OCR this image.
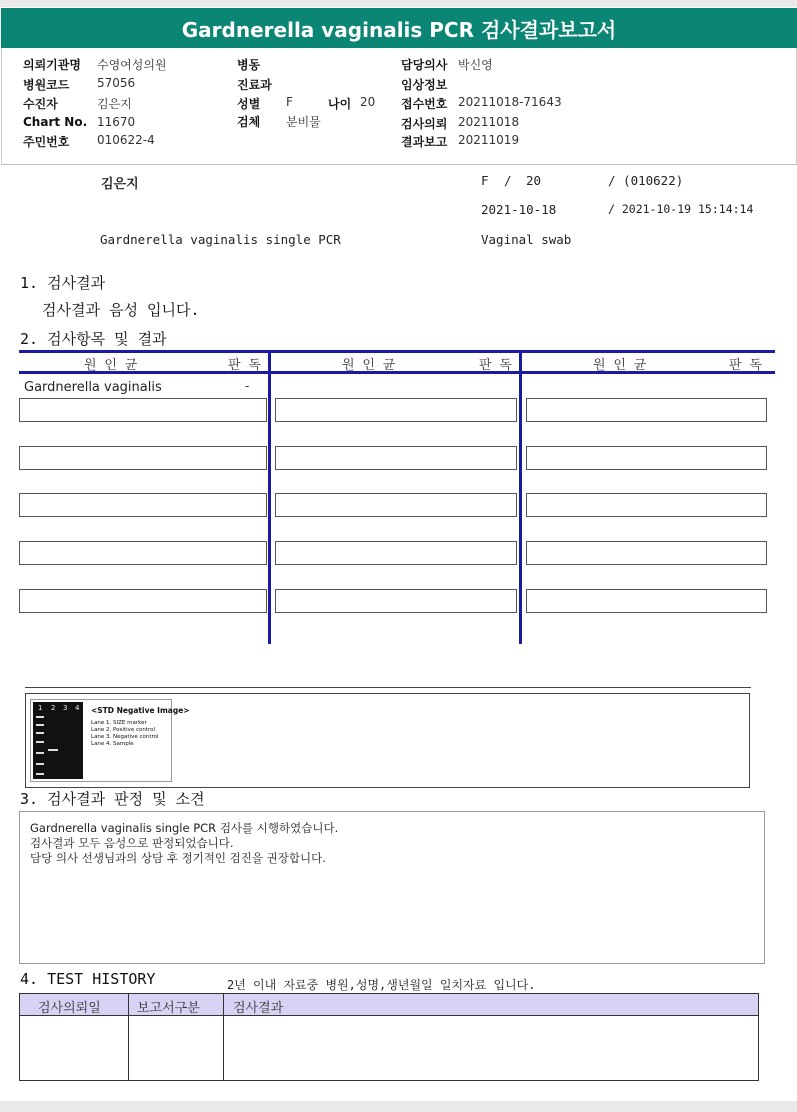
Gardnerella vaginalis PCR 검사결과보고서
의뢰기관명 수영여성의원
병원코드 57056
수진자	김은지
Chart No. 11670
주민번호 010622-4
병동
진료과
성별 F	나이 20
검체 분비물
담당의사 박신영
임상정보
접수번호 20211018-71643
검사의뢰 20211018
결과보고 20211019
김은지	F / 20	/ (010622)
2021-10-18	/ 2021-10-19 15:14:14
Gardnerella vaginalis single PCR	Vaginal swab
1. 검사결과
검사결과 음성 입니다.
2. 검사항목 및 결과
원 인 균	판 독	원 인 균	판 독	원 인 균	판 독
Gardnerella vaginalis	-
1 2 3 4 <STD Negative Image>
Lane 1. SIZE marker
Lane 2. Positive control
Lane 3. Negative control
Lane 4. Sample
3. 검사결과 판정 및 소견
Gardnerella vaginalis single PCR 검사를 시행하였습니다.
검사결과 모두 음성으로 판정되었습니다.
담당 의사 선생님과의 상담 후 정기적인 검진을 권장합니다.
4. TEST HISTORY	2년 이내 자료중 병원,성명,생년월일 일치자료 입니다.
검사의뢰일	보고서구분	검사결과
